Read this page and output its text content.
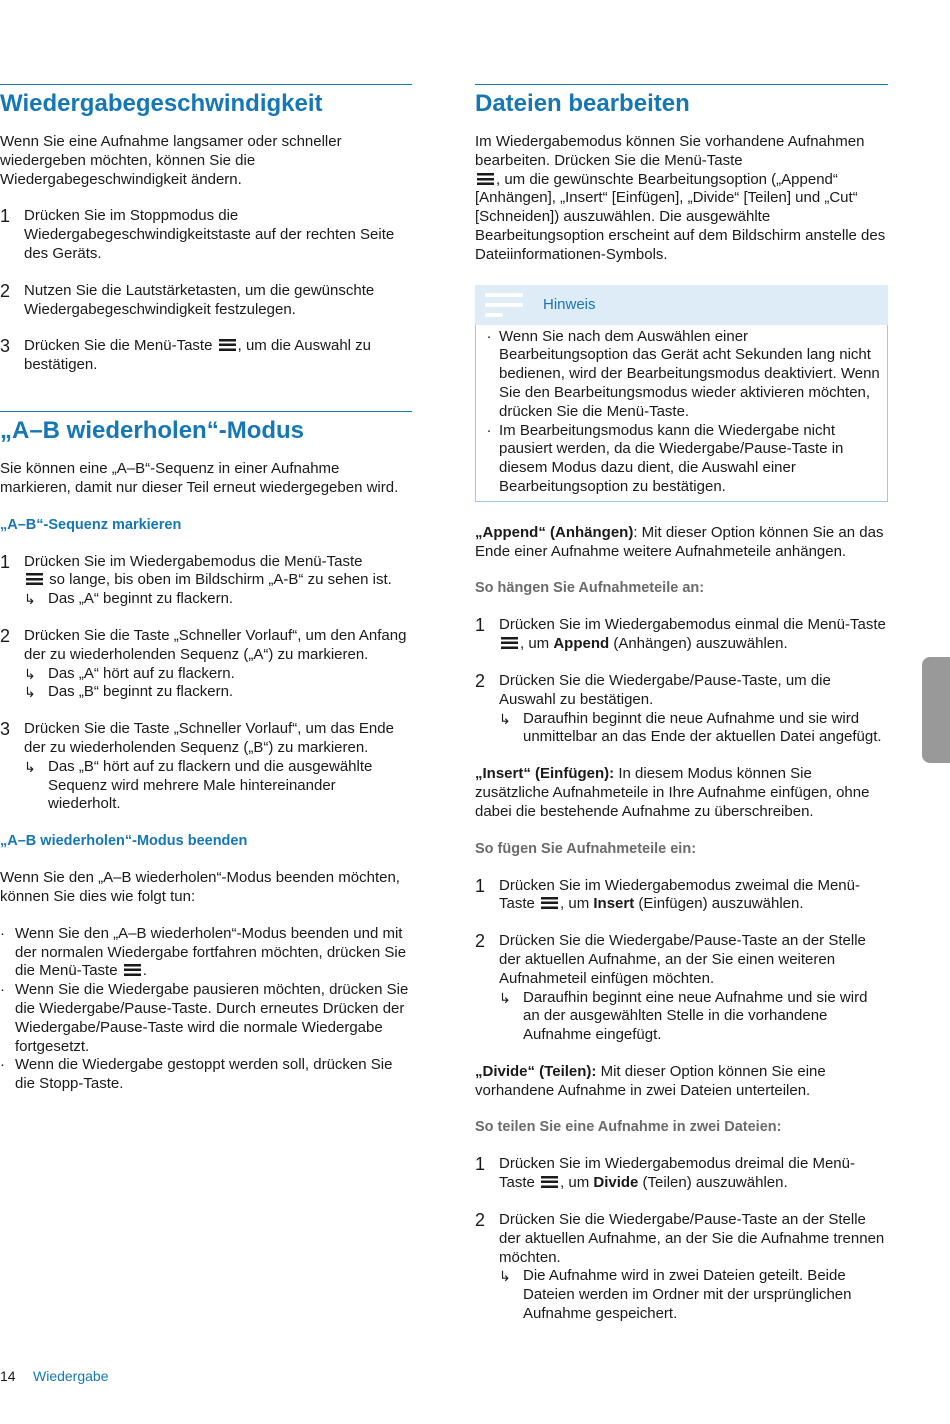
Wiedergabegeschwindigkeit

Wenn Sie eine Aufnahme langsamer oder schneller wiedergeben möchten, können Sie die Wiedergabegeschwindigkeit ändern.

1 Drücken Sie im Stoppmodus die Wiedergabegeschwindigkeitstaste auf der rechten Seite des Geräts.
2 Nutzen Sie die Lautstärketasten, um die gewünschte Wiedergabegeschwindigkeit festzulegen.
3 Drücken Sie die Menü-Taste , um die Auswahl zu bestätigen.
„A–B wiederholen“-Modus

Sie können eine „A–B“-Sequenz in einer Aufnahme markieren, damit nur dieser Teil erneut wiedergegeben wird.

„A–B“-Sequenz markieren
1 Drücken Sie im Wiedergabemodus die Menü-Taste
so lange, bis oben im Bildschirm „A-B“ zu sehen ist.
↳ Das „A“ beginnt zu flackern.
2 Drücken Sie die Taste „Schneller Vorlauf“, um den Anfang der zu wiederholenden Sequenz („A“) zu markieren.
↳ Das „A“ hört auf zu flackern.
↳ Das „B“ beginnt zu flackern.
3 Drücken Sie die Taste „Schneller Vorlauf“, um das Ende der zu wiederholenden Sequenz („B“) zu markieren.
↳ Das „B“ hört auf zu flackern und die ausgewählte Sequenz wird mehrere Male hintereinander wiederholt.
„A–B wiederholen“-Modus beenden

Wenn Sie den „A–B wiederholen“-Modus beenden möchten, können Sie dies wie folgt tun:

· Wenn Sie den „A–B wiederholen“-Modus beenden und mit der normalen Wiedergabe fortfahren möchten, drücken Sie die Menü-Taste .
· Wenn Sie die Wiedergabe pausieren möchten, drücken Sie die Wiedergabe/Pause-Taste. Durch erneutes Drücken der Wiedergabe/Pause-Taste wird die normale Wiedergabe fortgesetzt.
· Wenn die Wiedergabe gestoppt werden soll, drücken Sie die Stopp-Taste.
Dateien bearbeiten

Im Wiedergabemodus können Sie vorhandene Aufnahmen bearbeiten. Drücken Sie die Menü-Taste
, um die gewünschte Bearbeitungsoption („Append“ [Anhängen], „Insert“ [Einfügen], „Divide“ [Teilen] und „Cut“ [Schneiden]) auszuwählen. Die ausgewählte Bearbeitungsoption erscheint auf dem Bildschirm anstelle des Dateiinformationen-Symbols.

Hinweis
· Wenn Sie nach dem Auswählen einer Bearbeitungsoption das Gerät acht Sekunden lang nicht bedienen, wird der Bearbeitungsmodus deaktiviert. Wenn Sie den Bearbeitungsmodus wieder aktivieren möchten, drücken Sie die Menü-Taste.
· Im Bearbeitungsmodus kann die Wiedergabe nicht pausiert werden, da die Wiedergabe/Pause-Taste in diesem Modus dazu dient, die Auswahl einer Bearbeitungsoption zu bestätigen.

„Append“ (Anhängen): Mit dieser Option können Sie an das Ende einer Aufnahme weitere Aufnahmeteile anhängen.

So hängen Sie Aufnahmeteile an:
1 Drücken Sie im Wiedergabemodus einmal die Menü-Taste , um Append (Anhängen) auszuwählen.
2 Drücken Sie die Wiedergabe/Pause-Taste, um die Auswahl zu bestätigen.
↳ Daraufhin beginnt die neue Aufnahme und sie wird unmittelbar an das Ende der aktuellen Datei angefügt.

„Insert“ (Einfügen): In diesem Modus können Sie zusätzliche Aufnahmeteile in Ihre Aufnahme einfügen, ohne dabei die bestehende Aufnahme zu überschreiben.

So fügen Sie Aufnahmeteile ein:
1 Drücken Sie im Wiedergabemodus zweimal die Menü-Taste , um Insert (Einfügen) auszuwählen.
2 Drücken Sie die Wiedergabe/Pause-Taste an der Stelle der aktuellen Aufnahme, an der Sie einen weiteren Aufnahmeteil einfügen möchten.
↳ Daraufhin beginnt eine neue Aufnahme und sie wird an der ausgewählten Stelle in die vorhandene Aufnahme eingefügt.

„Divide“ (Teilen): Mit dieser Option können Sie eine vorhandene Aufnahme in zwei Dateien unterteilen.

So teilen Sie eine Aufnahme in zwei Dateien:
1 Drücken Sie im Wiedergabemodus dreimal die Menü-Taste , um Divide (Teilen) auszuwählen.
2 Drücken Sie die Wiedergabe/Pause-Taste an der Stelle der aktuellen Aufnahme, an der Sie die Aufnahme trennen möchten.
↳ Die Aufnahme wird in zwei Dateien geteilt. Beide Dateien werden im Ordner mit der ursprünglichen Aufnahme gespeichert.
14 Wiedergabe
